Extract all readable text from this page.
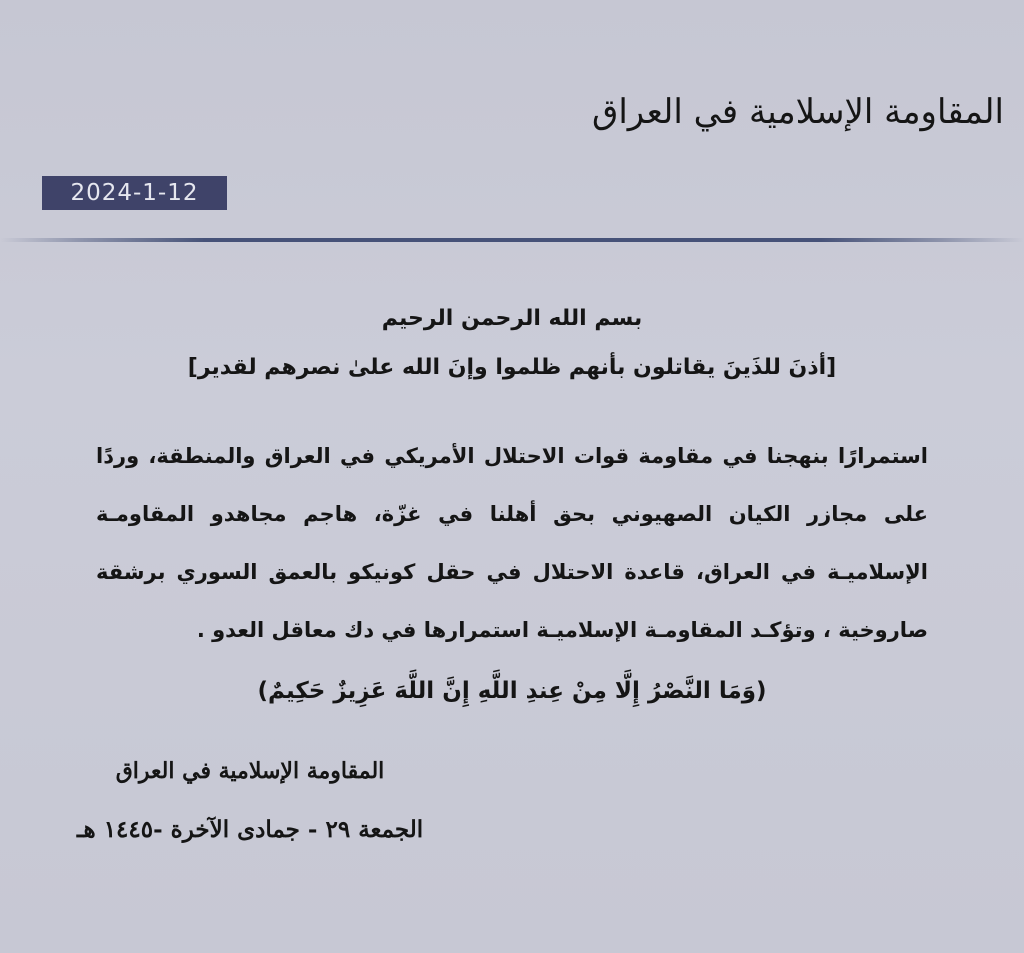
المقاومة الإسلامية في العراق
2024-1-12
بسم الله الرحمن الرحيم
[أذنَ للذَينَ يقاتلون بأنهم ظلموا وإنَ الله علىٰ نصرهم لقدير]
استمرارًا بنهجنا في مقاومة قوات الاحتلال الأمريكي في العراق والمنطقة، وردًا على مجازر الكيان الصهيوني بحق أهلنا في غزّة، هاجم مجاهدو المقاومـة الإسلاميـة في العراق، قاعدة الاحتلال في حقل كونيكو بالعمق السوري برشقة صاروخية ، وتؤكـد المقاومـة الإسلاميـة استمرارها في دك معاقل العدو .
(وَمَا النَّصْرُ إِلَّا مِنْ عِندِ اللَّهِ إِنَّ اللَّهَ عَزِيزٌ حَكِيمٌ)
المقاومة الإسلامية في العراق
الجمعة ٢٩ - جمادى الآخرة -١٤٤٥ هـ
